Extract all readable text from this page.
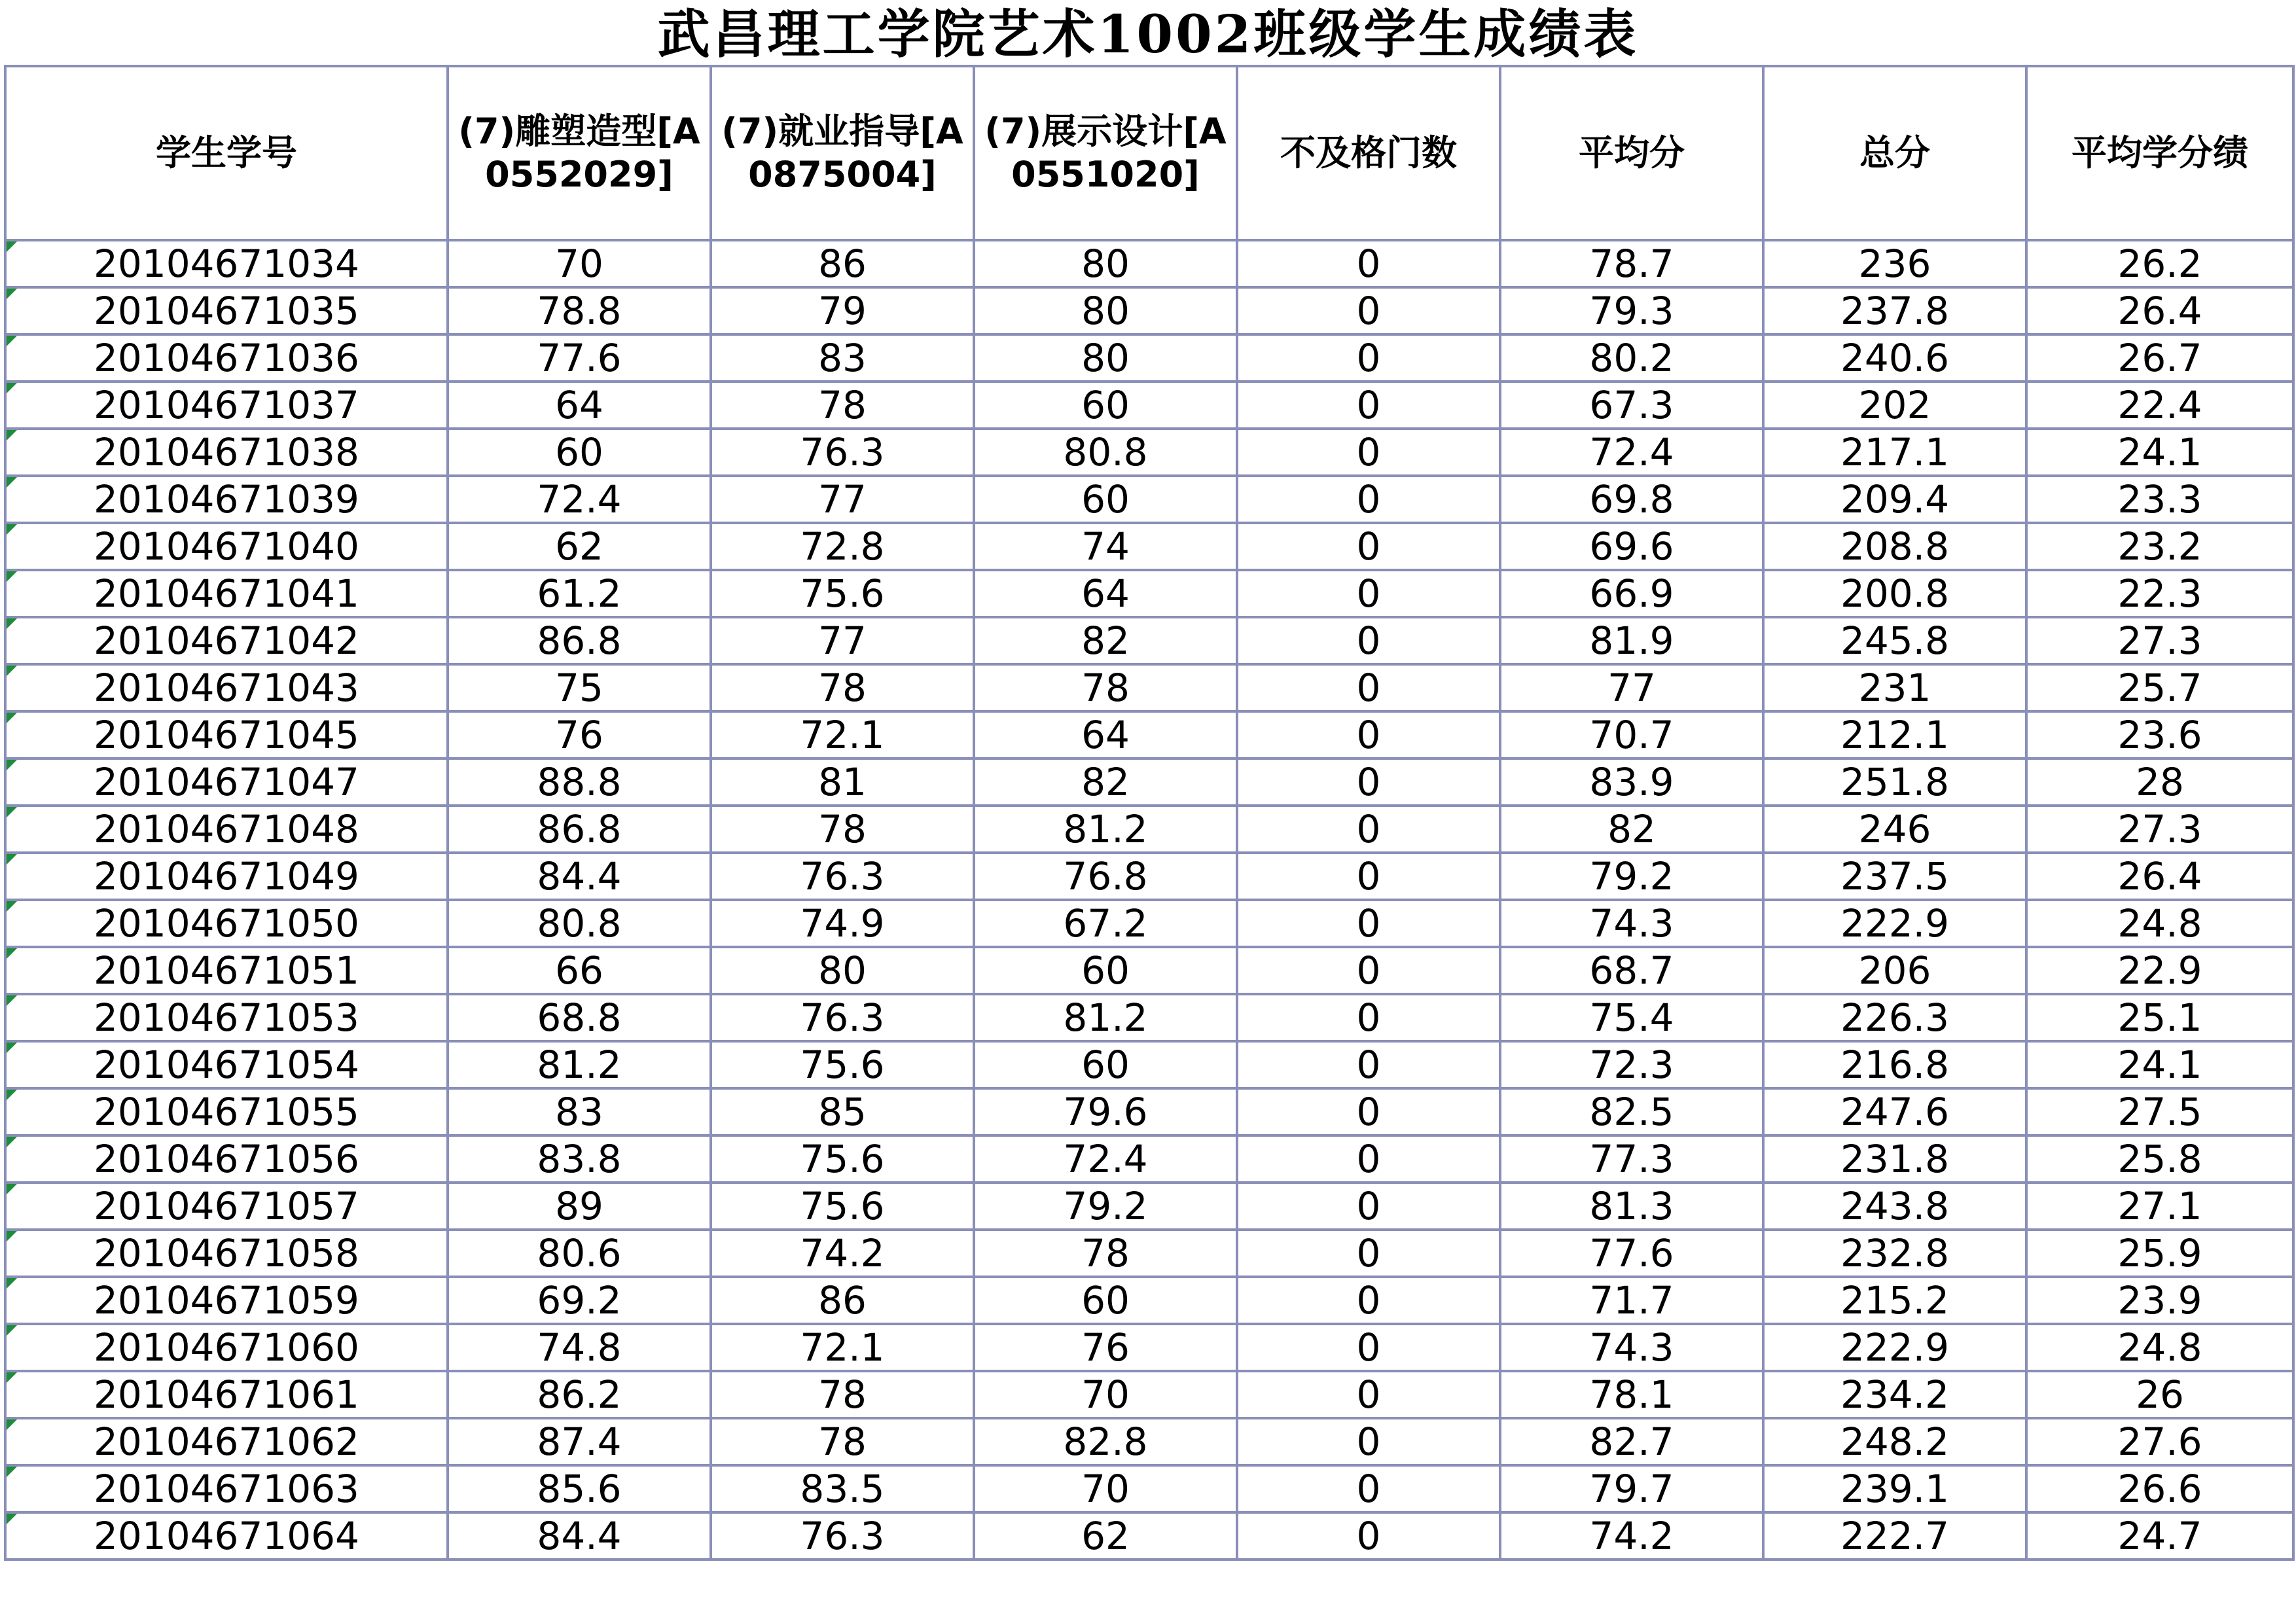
武昌理工学院艺术1002班级学生成绩表
学生学号	(7)雕塑造型[A0552029]	(7)就业指导[A0875004]	(7)展示设计[A0551020]	不及格门数	平均分	总分	平均学分绩
20104671034	70	86	80	0	78.7	236	26.2
20104671035	78.8	79	80	0	79.3	237.8	26.4
20104671036	77.6	83	80	0	80.2	240.6	26.7
20104671037	64	78	60	0	67.3	202	22.4
20104671038	60	76.3	80.8	0	72.4	217.1	24.1
20104671039	72.4	77	60	0	69.8	209.4	23.3
20104671040	62	72.8	74	0	69.6	208.8	23.2
20104671041	61.2	75.6	64	0	66.9	200.8	22.3
20104671042	86.8	77	82	0	81.9	245.8	27.3
20104671043	75	78	78	0	77	231	25.7
20104671045	76	72.1	64	0	70.7	212.1	23.6
20104671047	88.8	81	82	0	83.9	251.8	28
20104671048	86.8	78	81.2	0	82	246	27.3
20104671049	84.4	76.3	76.8	0	79.2	237.5	26.4
20104671050	80.8	74.9	67.2	0	74.3	222.9	24.8
20104671051	66	80	60	0	68.7	206	22.9
20104671053	68.8	76.3	81.2	0	75.4	226.3	25.1
20104671054	81.2	75.6	60	0	72.3	216.8	24.1
20104671055	83	85	79.6	0	82.5	247.6	27.5
20104671056	83.8	75.6	72.4	0	77.3	231.8	25.8
20104671057	89	75.6	79.2	0	81.3	243.8	27.1
20104671058	80.6	74.2	78	0	77.6	232.8	25.9
20104671059	69.2	86	60	0	71.7	215.2	23.9
20104671060	74.8	72.1	76	0	74.3	222.9	24.8
20104671061	86.2	78	70	0	78.1	234.2	26
20104671062	87.4	78	82.8	0	82.7	248.2	27.6
20104671063	85.6	83.5	70	0	79.7	239.1	26.6
20104671064	84.4	76.3	62	0	74.2	222.7	24.7
